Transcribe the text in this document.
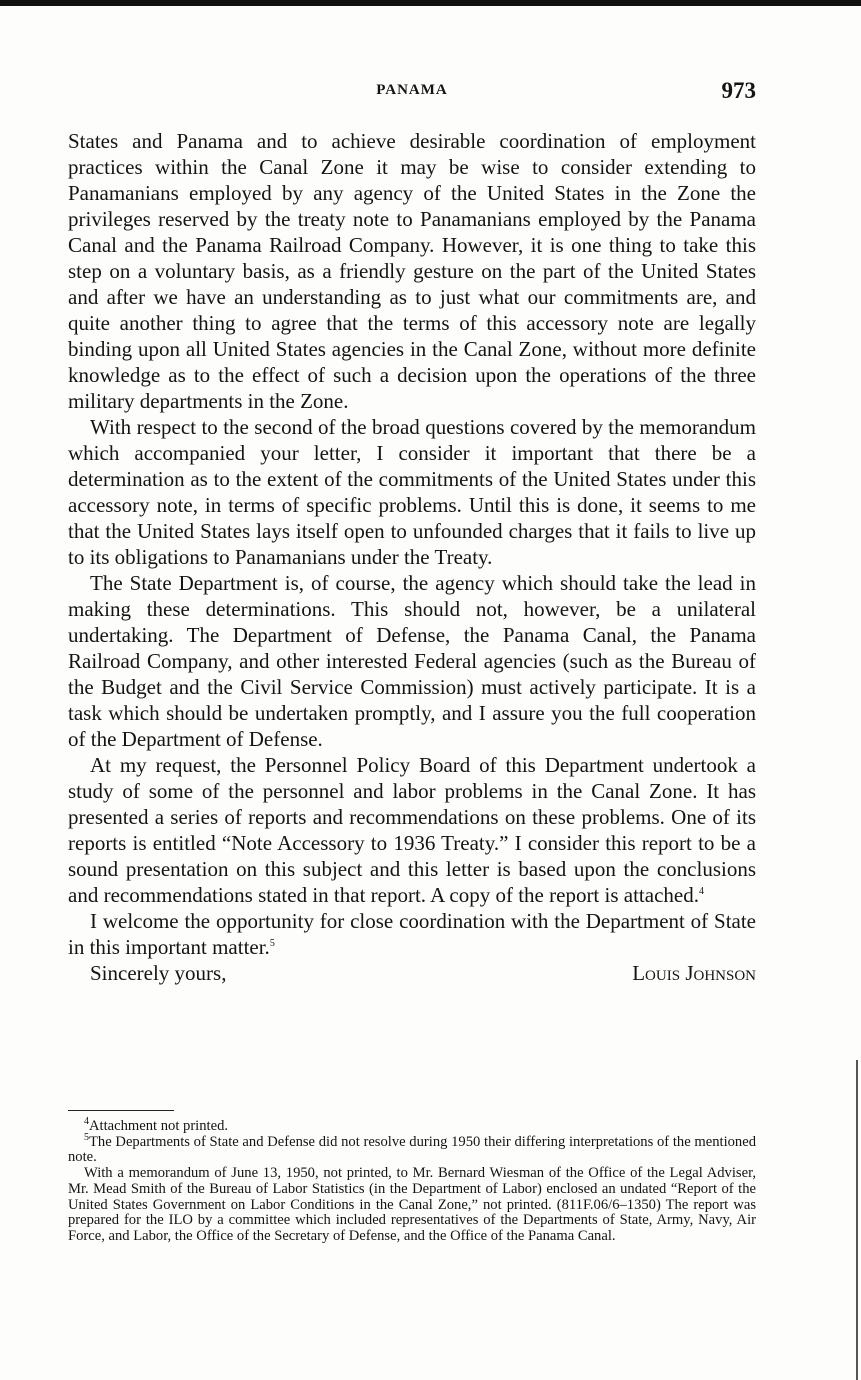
PANAMA	973

States and Panama and to achieve desirable coordination of employment practices within the Canal Zone it may be wise to consider extending to Panamanians employed by any agency of the United States in the Zone the privileges reserved by the treaty note to Panamanians employed by the Panama Canal and the Panama Railroad Company. However, it is one thing to take this step on a voluntary basis, as a friendly gesture on the part of the United States and after we have an understanding as to just what our commitments are, and quite another thing to agree that the terms of this accessory note are legally binding upon all United States agencies in the Canal Zone, without more definite knowledge as to the effect of such a decision upon the operations of the three military departments in the Zone.

With respect to the second of the broad questions covered by the memorandum which accompanied your letter, I consider it important that there be a determination as to the extent of the commitments of the United States under this accessory note, in terms of specific problems. Until this is done, it seems to me that the United States lays itself open to unfounded charges that it fails to live up to its obligations to Panamanians under the Treaty.

The State Department is, of course, the agency which should take the lead in making these determinations. This should not, however, be a unilateral undertaking. The Department of Defense, the Panama Canal, the Panama Railroad Company, and other interested Federal agencies (such as the Bureau of the Budget and the Civil Service Commission) must actively participate. It is a task which should be undertaken promptly, and I assure you the full cooperation of the Department of Defense.

At my request, the Personnel Policy Board of this Department undertook a study of some of the personnel and labor problems in the Canal Zone. It has presented a series of reports and recommendations on these problems. One of its reports is entitled “Note Accessory to 1936 Treaty.” I consider this report to be a sound presentation on this subject and this letter is based upon the conclusions and recommendations stated in that report. A copy of the report is attached.$^4$

I welcome the opportunity for close coordination with the Department of State in this important matter.$^5$

Sincerely yours,	Louis Johnson

$^4$Attachment not printed.

$^5$The Departments of State and Defense did not resolve during 1950 their differing interpretations of the mentioned note.

With a memorandum of June 13, 1950, not printed, to Mr. Bernard Wiesman of the Office of the Legal Adviser, Mr. Mead Smith of the Bureau of Labor Statistics (in the Department of Labor) enclosed an undated “Report of the United States Government on Labor Conditions in the Canal Zone,” not printed. (811F.06/6–1350) The report was prepared for the ILO by a committee which included representatives of the Departments of State, Army, Navy, Air Force, and Labor, the Office of the Secretary of Defense, and the Office of the Panama Canal.
